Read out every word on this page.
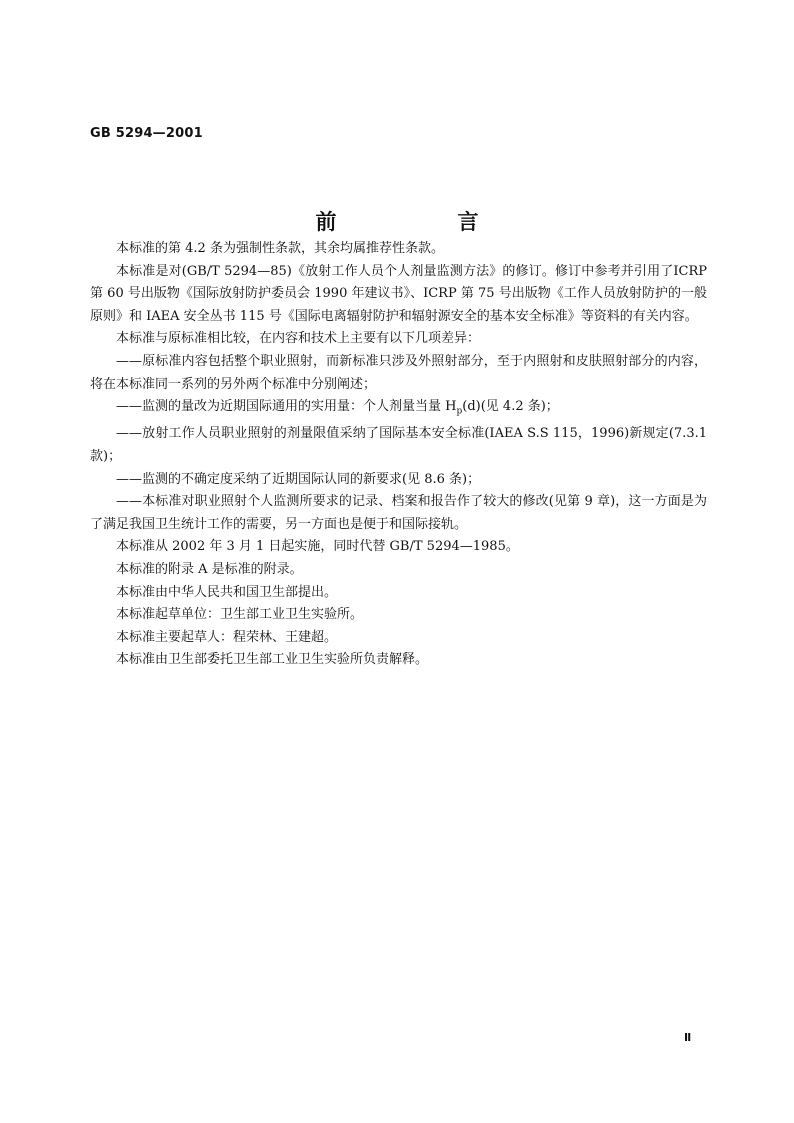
GB 5294—2001
前　言

本标准的第 4.2 条为强制性条款，其余均属推荐性条款。

本标准是对(GB/T 5294—85)《放射工作人员个人剂量监测方法》的修订。修订中参考并引用了ICRP第 60 号出版物《国际放射防护委员会 1990 年建议书》、ICRP 第 75 号出版物《工作人员放射防护的一般原则》和 IAEA 安全丛书 115 号《国际电离辐射防护和辐射源安全的基本安全标准》等资料的有关内容。

本标准与原标准相比较，在内容和技术上主要有以下几项差异：

——原标准内容包括整个职业照射，而新标准只涉及外照射部分，至于内照射和皮肤照射部分的内容，将在本标准同一系列的另外两个标准中分别阐述；

——监测的量改为近期国际通用的实用量：个人剂量当量 $H_p(d)$(见 4.2 条)；

——放射工作人员职业照射的剂量限值采纳了国际基本安全标准(IAEA S.S 115，1996)新规定(7.3.1 款)；

——监测的不确定度采纳了近期国际认同的新要求(见 8.6 条)；

——本标准对职业照射个人监测所要求的记录、档案和报告作了较大的修改(见第 9 章)，这一方面是为了满足我国卫生统计工作的需要，另一方面也是便于和国际接轨。

本标准从 2002 年 3 月 1 日起实施，同时代替 GB/T 5294—1985。

本标准的附录 A 是标准的附录。

本标准由中华人民共和国卫生部提出。

本标准起草单位：卫生部工业卫生实验所。

本标准主要起草人：程荣林、王建超。

本标准由卫生部委托卫生部工业卫生实验所负责解释。

Ⅱ
